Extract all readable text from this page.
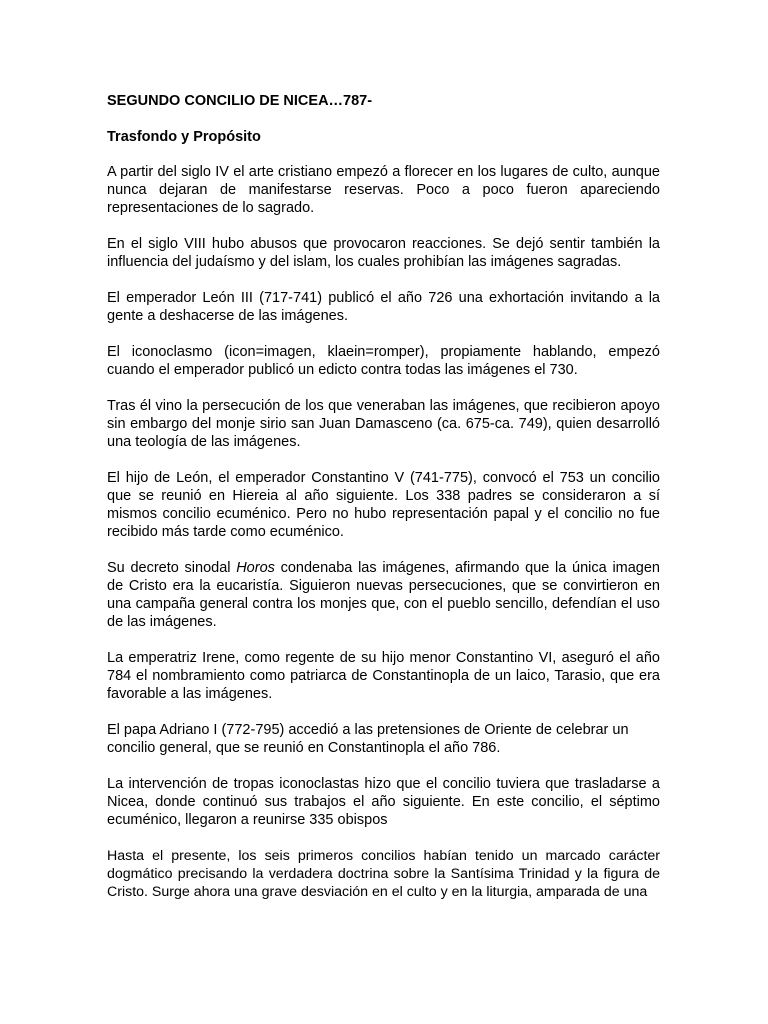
SEGUNDO CONCILIO DE NICEA…787-

Trasfondo y Propósito

A partir del siglo IV el arte cristiano empezó a florecer en los lugares de culto, aunque nunca dejaran de manifestarse reservas. Poco a poco fueron apareciendo representaciones de lo sagrado.

En el siglo VIII hubo abusos que provocaron reacciones. Se dejó sentir también la influencia del judaísmo y del islam, los cuales prohibían las imágenes sagradas.

El emperador León III (717-741) publicó el año 726 una exhortación invitando a la gente a deshacerse de las imágenes.

El iconoclasmo (icon=imagen, klaein=romper), propiamente hablando, empezó cuando el emperador publicó un edicto contra todas las imágenes el 730.

Tras él vino la persecución de los que veneraban las imágenes, que recibieron apoyo sin embargo del monje sirio san Juan Damasceno (ca. 675-ca. 749), quien desarrolló una teología de las imágenes.

El hijo de León, el emperador Constantino V (741-775), convocó el 753 un concilio que se reunió en Hiereia al año siguiente. Los 338 padres se consideraron a sí mismos concilio ecuménico. Pero no hubo representación papal y el concilio no fue recibido más tarde como ecuménico.

Su decreto sinodal Horos condenaba las imágenes, afirmando que la única imagen de Cristo era la eucaristía. Siguieron nuevas persecuciones, que se convirtieron en una campaña general contra los monjes que, con el pueblo sencillo, defendían el uso de las imágenes.

La emperatriz Irene, como regente de su hijo menor Constantino VI, aseguró el año 784 el nombramiento como patriarca de Constantinopla de un laico, Tarasio, que era favorable a las imágenes.

El papa Adriano I (772-795) accedió a las pretensiones de Oriente de celebrar un concilio general, que se reunió en Constantinopla el año 786.

La intervención de tropas iconoclastas hizo que el concilio tuviera que trasladarse a Nicea, donde continuó sus trabajos el año siguiente. En este concilio, el séptimo ecuménico, llegaron a reunirse 335 obispos

Hasta el presente, los seis primeros concilios habían tenido un marcado carácter dogmático precisando la verdadera doctrina sobre la Santísima Trinidad y la figura de Cristo. Surge ahora una grave desviación en el culto y en la liturgia, amparada de una
